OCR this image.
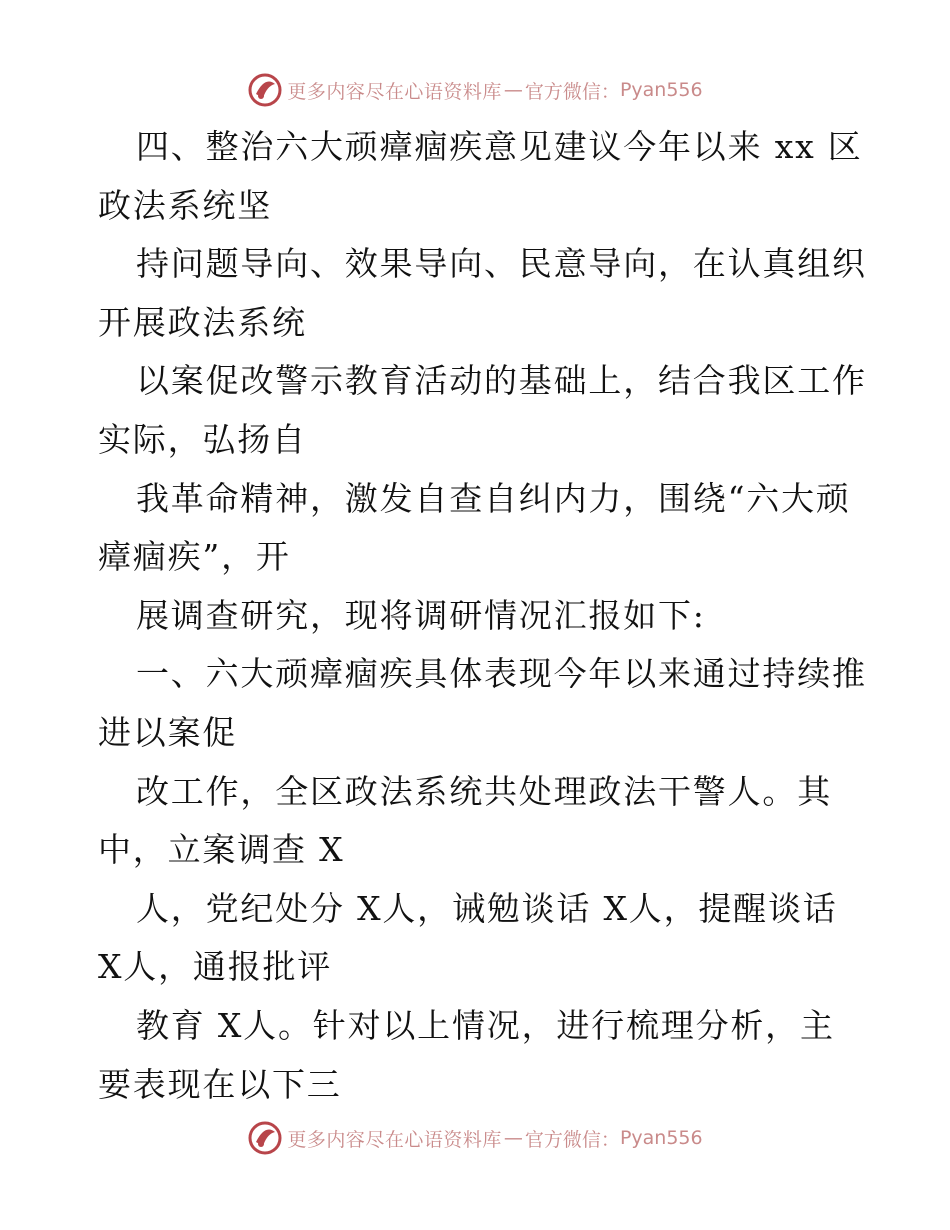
更多内容尽在心语资料库 — 官方微信： Pyan556

四、整治六大顽瘴痼疾意见建议今年以来 xx 区
政法系统坚

持问题导向、效果导向、民意导向，在认真组织
开展政法系统

以案促改警示教育活动的基础上，结合我区工作
实际，弘扬自

我革命精神，激发自查自纠内力，围绕“六大顽
瘴痼疾”，开

展调查研究，现将调研情况汇报如下:

一、六大顽瘴痼疾具体表现今年以来通过持续推
进以案促

改工作，全区政法系统共处理政法干警人。其
中，立案调查 X

人，党纪处分 X人，诫勉谈话 X人，提醒谈话
X人，通报批评

教育 X人。针对以上情况，进行梳理分析，主
要表现在以下三

更多内容尽在心语资料库 — 官方微信： Pyan556
